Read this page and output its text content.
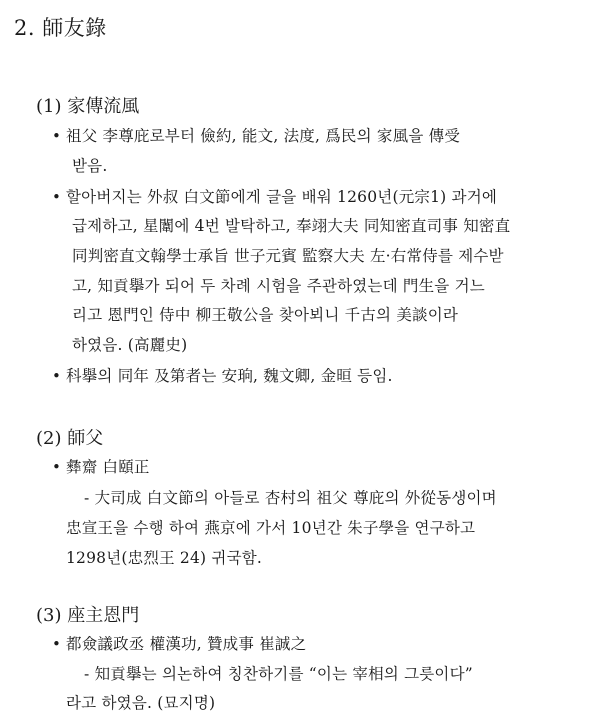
2. 師友錄
(1) 家傳流風
• 祖父 李尊庇로부터 儉約, 能文, 法度, 爲民의 家風을 傳受
받음.
• 할아버지는 外叔 白文節에게 글을 배워 1260년(元宗1) 과거에
급제하고, 星闈에 4번 발탁하고, 奉翊大夫 同知密直司事 知密直
同判密直文翰學士承旨 世子元賓 監察大夫 左·右常侍를 제수받
고, 知貢擧가 되어 두 차례 시험을 주관하였는데 門生을 거느
리고 恩門인 侍中 柳王敬公을 찾아뵈니 千古의 美談이라
하였음. (高麗史)
• 科擧의 同年 及第者는 安珦, 魏文卿, 金晅 등임.
(2) 師父
• 彝齋 白頤正
- 大司成 白文節의 아들로 杏村의 祖父 尊庇의 外從동생이며
忠宣王을 수행 하여 燕京에 가서 10년간 朱子學을 연구하고
1298년(忠烈王 24) 귀국함.
(3) 座主恩門
• 都僉議政丞 權漢功, 贊成事 崔誠之
- 知貢擧는 의논하여 칭찬하기를 “이는 宰相의 그릇이다”
라고 하였음. (묘지명)
